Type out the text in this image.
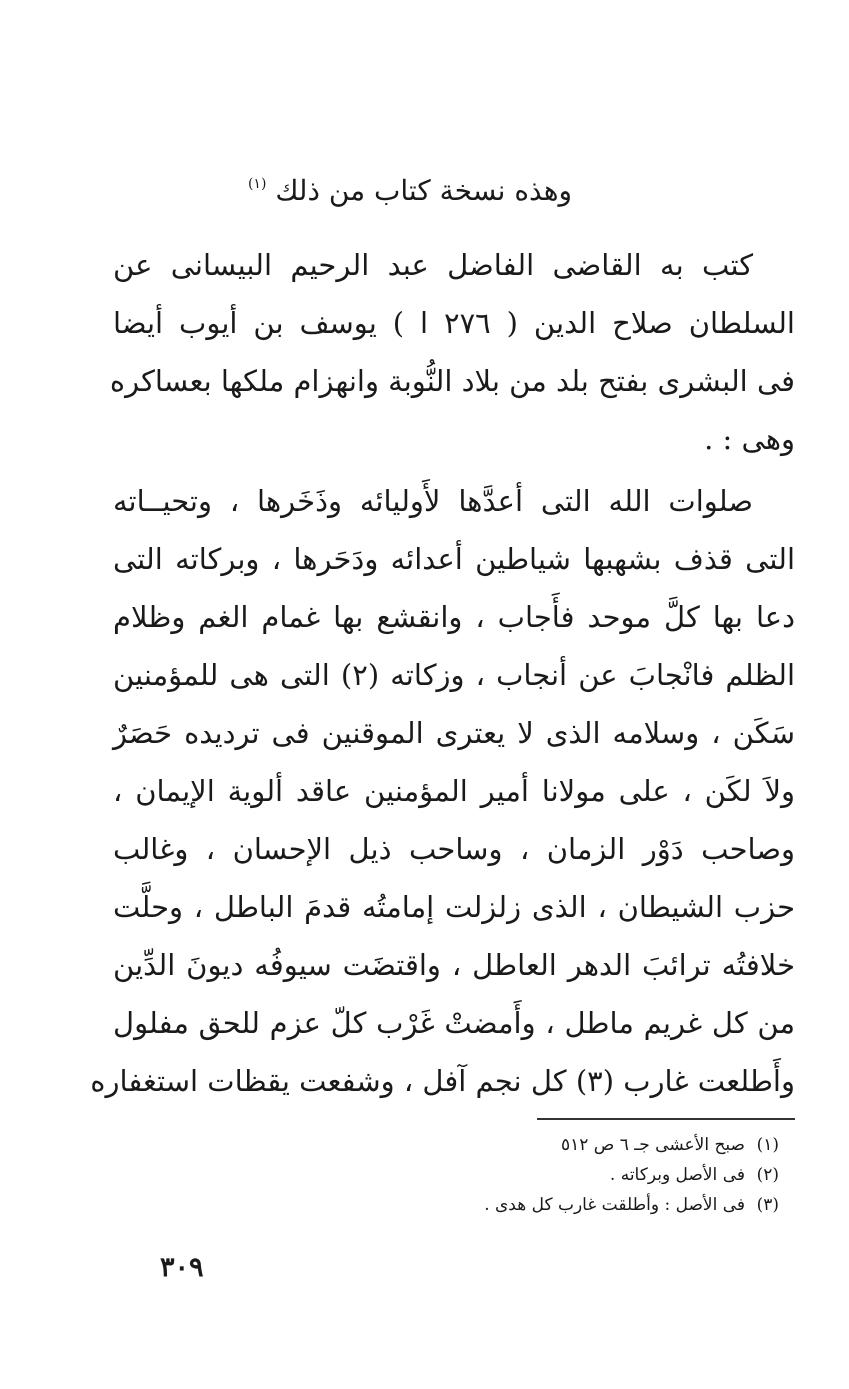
وهذه نسخة كتاب من ذلك $^{(١)}$
كتب به القاضى الفاضل عبد الرحيم البيسانى عن
السلطان صلاح الدين ( ٢٧٦ ا ) يوسف بن أيوب أيضا
فى البشرى بفتح بلد من بلاد النُّوبة وانهزام ملكها بعساكره
وهى : .
صلوات الله التى أعدَّها لأَوليائه وذَخَرها ، وتحيــاته
التى قذف بشهبها شياطين أعدائه ودَحَرها ، وبركاته التى
دعا بها كلَّ موحد فأَجاب ، وانقشع بها غمام الغم وظلام
الظلم فانْجابَ عن أنجاب ، وزكاته (٢) التى هى للمؤمنين
سَكَن ، وسلامه الذى لا يعترى الموقنين فى ترديده حَصَرٌ
ولاَ لكَن ، على مولانا أمير المؤمنين عاقد ألوية الإيمان ،
وصاحب دَوْر الزمان ، وساحب ذيل الإحسان ، وغالب
حزب الشيطان ، الذى زلزلت إمامتُه قدمَ الباطل ، وحلَّت
خلافتُه ترائبَ الدهر العاطل ، واقتضَت سيوفُه ديونَ الدِّين
من كل غريم ماطل ، وأَمضتْ غَرْب كلّ عزم للحق مفلول
وأَطلعت غارب (٣) كل نجم آفل ، وشفعت يقظات استغفاره
(١)صبح الأعشى جـ ٦ ص ٥١٢
(٢)فى الأصل وبركاته .
(٣)فى الأصل : وأطلقت غارب كل هدى .
٣٠٩
